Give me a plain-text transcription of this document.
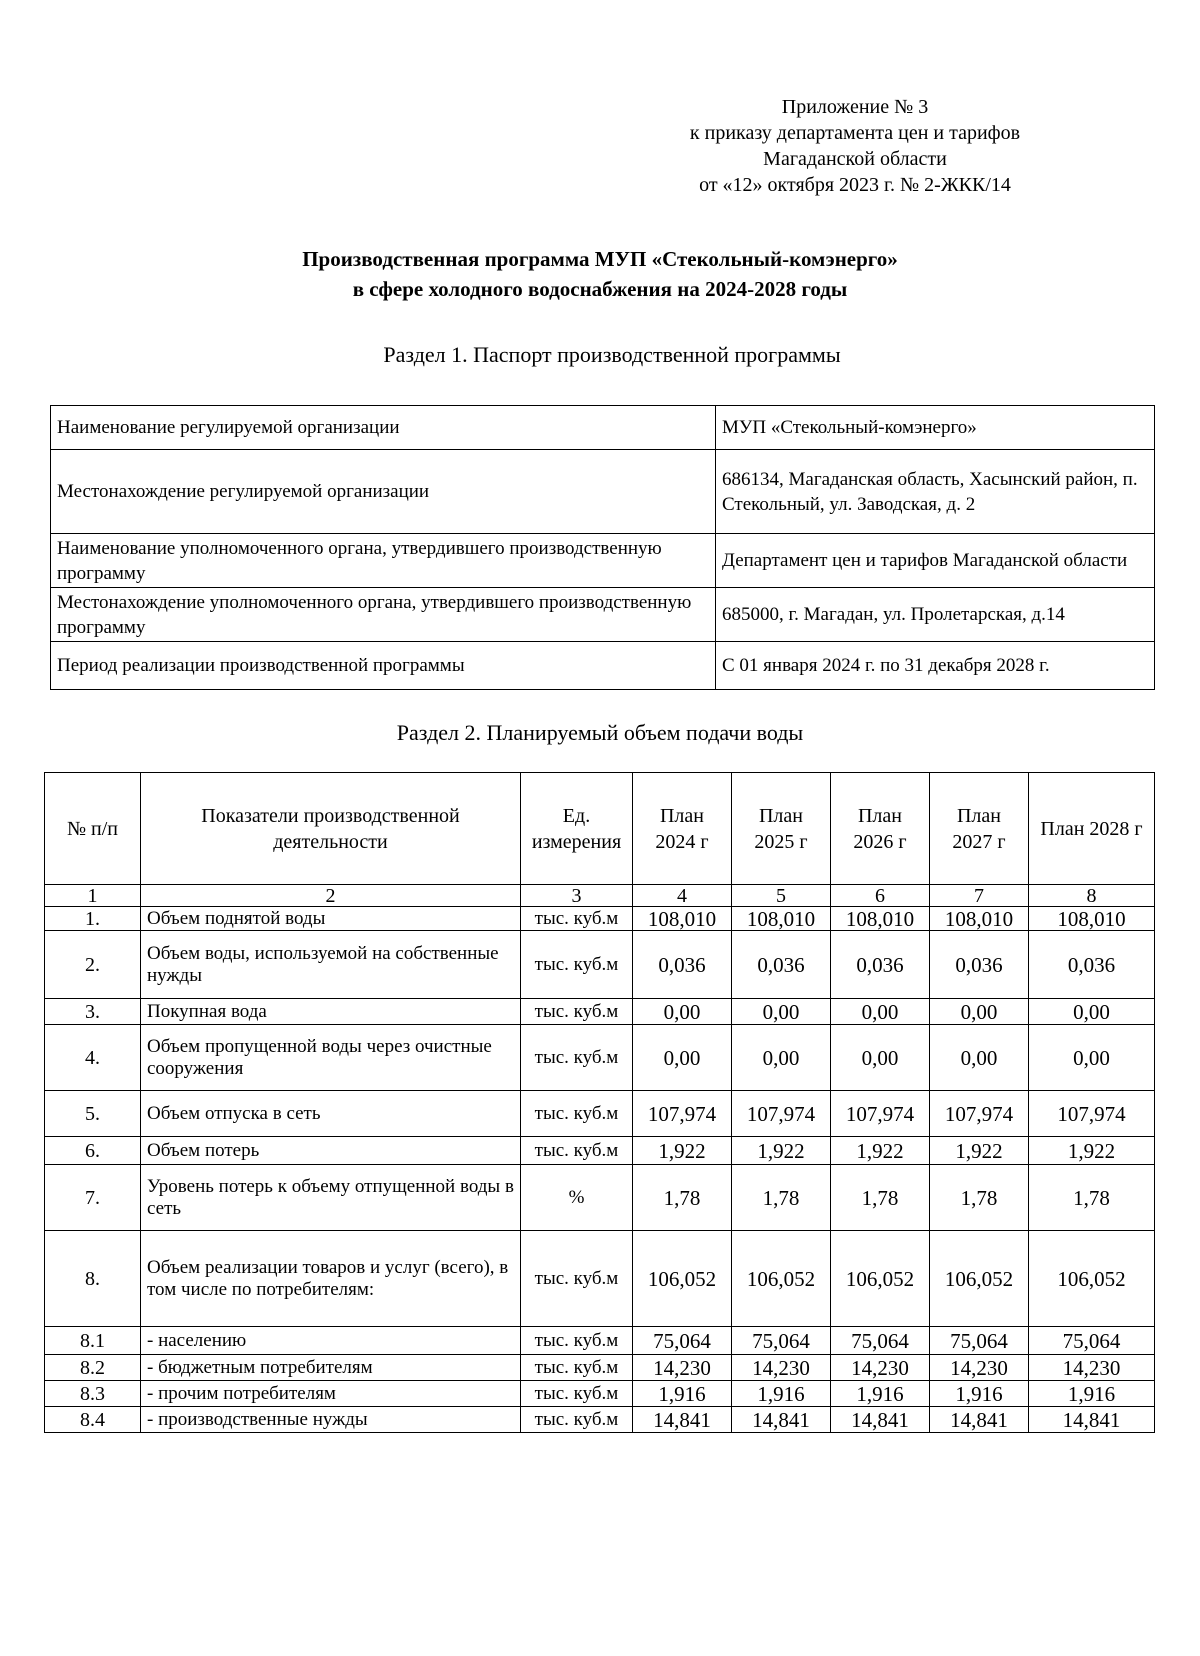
Приложение № 3
к приказу департамента цен и тарифов
Магаданской области
от «12» октября 2023 г. № 2-ЖКК/14
Производственная программа МУП «Стекольный-комэнерго»
в сфере холодного водоснабжения на 2024-2028 годы
Раздел 1. Паспорт производственной программы
Наименование регулируемой организации	МУП «Стекольный-комэнерго»
Местонахождение регулируемой организации	686134, Магаданская область, Хасынский район, п. Стекольный, ул. Заводская, д. 2
Наименование уполномоченного органа, утвердившего производственную программу	Департамент цен и тарифов Магаданской области
Местонахождение уполномоченного органа, утвердившего производственную программу	685000, г. Магадан, ул. Пролетарская, д.14
Период реализации производственной программы	С 01 января 2024 г. по 31 декабря 2028 г.
Раздел 2. Планируемый объем подачи воды
№ п/п	Показатели производственной деятельности	Ед. измерения	План 2024 г	План 2025 г	План 2026 г	План 2027 г	План 2028 г
1	2	3	4	5	6	7	8
1.	Объем поднятой воды	тыс. куб.м	108,010	108,010	108,010	108,010	108,010
2.	Объем воды, используемой на собственные нужды	тыс. куб.м	0,036	0,036	0,036	0,036	0,036
3.	Покупная вода	тыс. куб.м	0,00	0,00	0,00	0,00	0,00
4.	Объем пропущенной воды через очистные сооружения	тыс. куб.м	0,00	0,00	0,00	0,00	0,00
5.	Объем отпуска в сеть	тыс. куб.м	107,974	107,974	107,974	107,974	107,974
6.	Объем потерь	тыс. куб.м	1,922	1,922	1,922	1,922	1,922
7.	Уровень потерь к объему отпущенной воды в сеть	%	1,78	1,78	1,78	1,78	1,78
8.	Объем реализации товаров и услуг (всего), в том числе по потребителям:	тыс. куб.м	106,052	106,052	106,052	106,052	106,052
8.1	- населению	тыс. куб.м	75,064	75,064	75,064	75,064	75,064
8.2	- бюджетным потребителям	тыс. куб.м	14,230	14,230	14,230	14,230	14,230
8.3	- прочим потребителям	тыс. куб.м	1,916	1,916	1,916	1,916	1,916
8.4	- производственные нужды	тыс. куб.м	14,841	14,841	14,841	14,841	14,841
